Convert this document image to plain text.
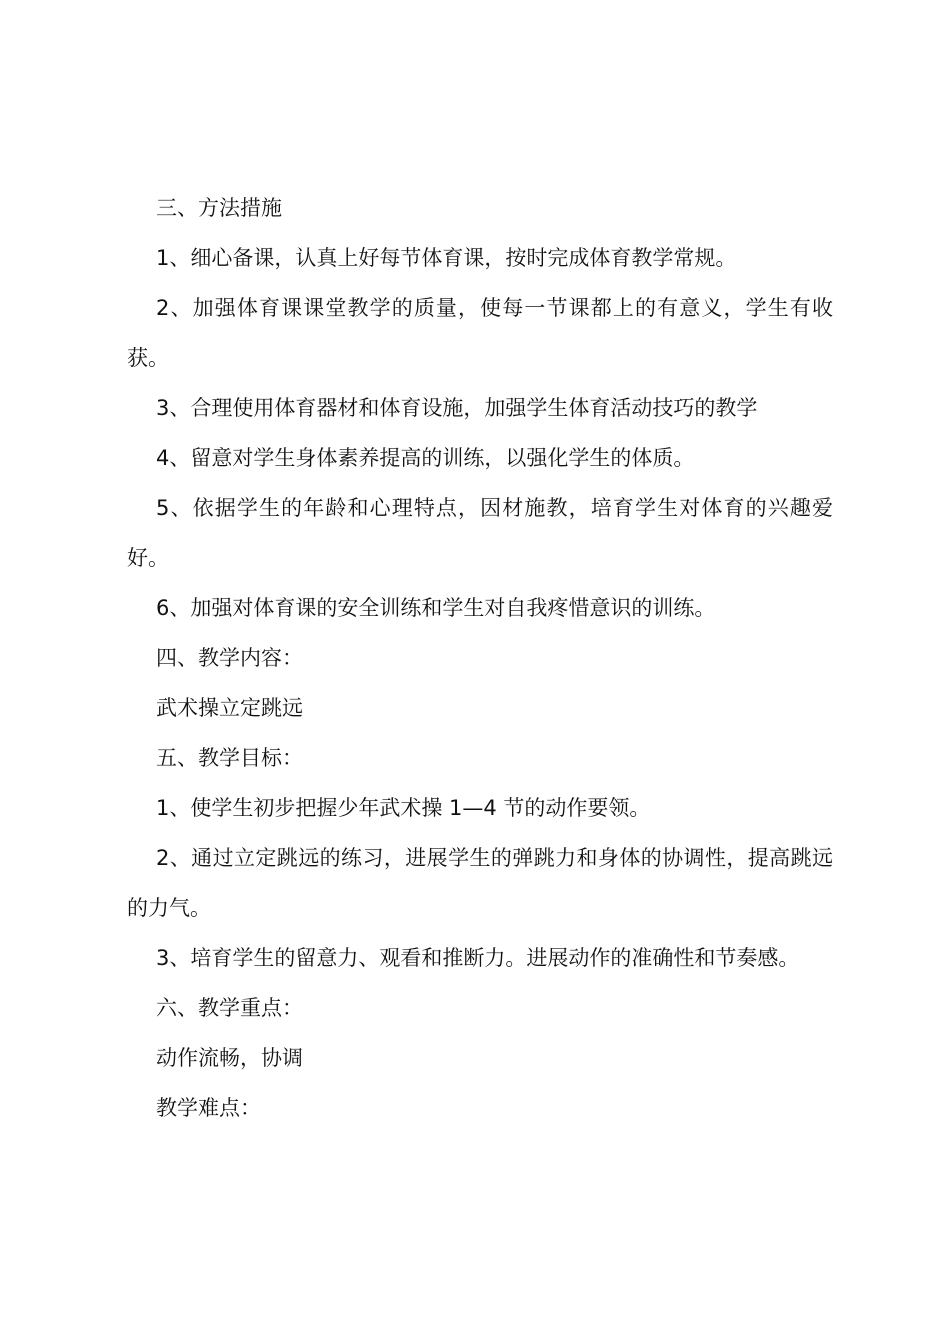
三、方法措施

1、细心备课，认真上好每节体育课，按时完成体育教学常规。

2、加强体育课课堂教学的质量，使每一节课都上的有意义，学生有收获。

3、合理使用体育器材和体育设施，加强学生体育活动技巧的教学

4、留意对学生身体素养提高的训练，以强化学生的体质。

5、依据学生的年龄和心理特点，因材施教，培育学生对体育的兴趣爱好。

6、加强对体育课的安全训练和学生对自我疼惜意识的训练。

四、教学内容：

武术操立定跳远

五、教学目标：

1、使学生初步把握少年武术操 1—4 节的动作要领。

2、通过立定跳远的练习，进展学生的弹跳力和身体的协调性，提高跳远的力气。

3、培育学生的留意力、观看和推断力。进展动作的准确性和节奏感。

六、教学重点：

动作流畅，协调

教学难点：
